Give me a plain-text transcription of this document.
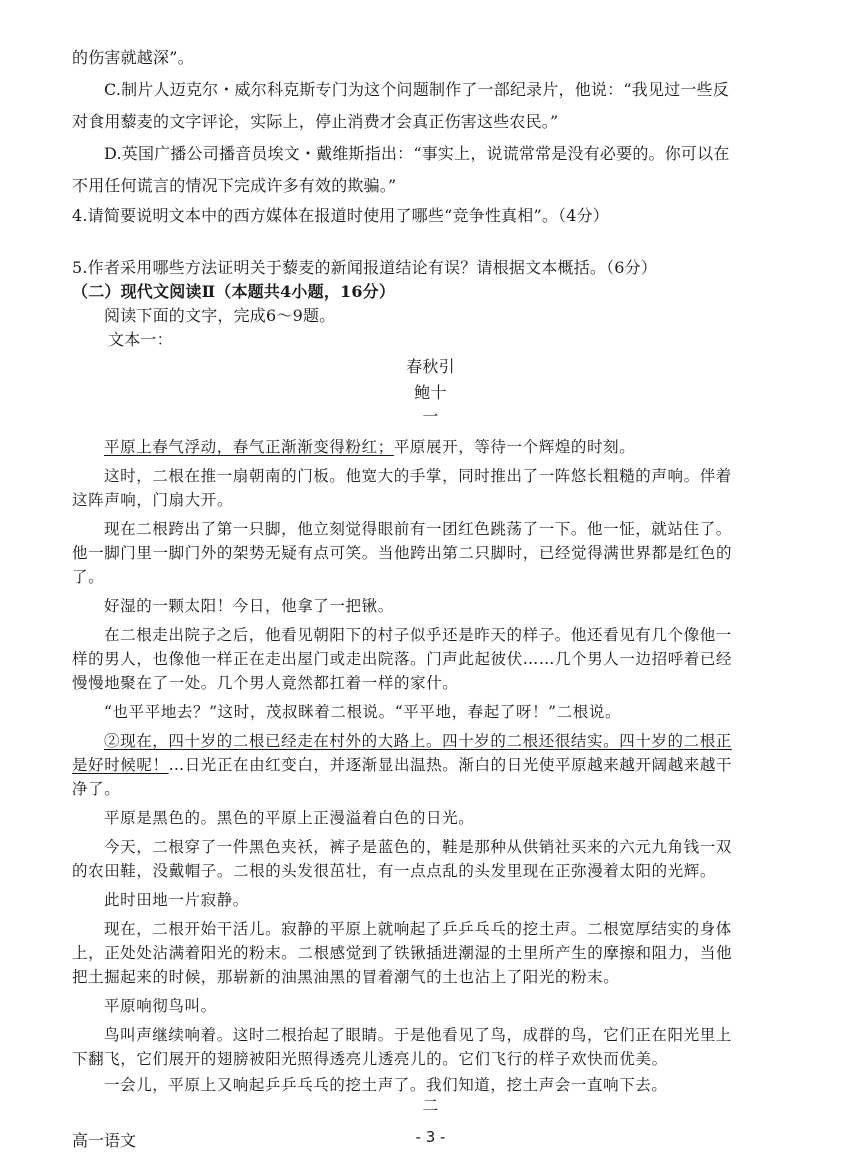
的伤害就越深”。
C.制片人迈克尔・威尔科克斯专门为这个问题制作了一部纪录片，他说：“我见过一些反
对食用藜麦的文字评论，实际上，停止消费才会真正伤害这些农民。”
D.英国广播公司播音员埃文・戴维斯指出：“事实上，说谎常常是没有必要的。你可以在
不用任何谎言的情况下完成许多有效的欺骗。”
4.请简要说明文本中的西方媒体在报道时使用了哪些“竞争性真相”。（4分）
5.作者采用哪些方法证明关于藜麦的新闻报道结论有误？请根据文本概括。（6分）
（二）现代文阅读Ⅱ（本题共4小题，16分）
阅读下面的文字，完成6～9题。
文本一：
春秋引
鲍十
一
平原上春气浮动，春气正渐渐变得粉红；平原展开，等待一个辉煌的时刻。
这时，二根在推一扇朝南的门板。他宽大的手掌，同时推出了一阵悠长粗糙的声响。伴着
这阵声响，门扇大开。
现在二根跨出了第一只脚，他立刻觉得眼前有一团红色跳荡了一下。他一怔，就站住了。
他一脚门里一脚门外的架势无疑有点可笑。当他跨出第二只脚时，已经觉得满世界都是红色的
了。
好湿的一颗太阳！今日，他拿了一把锹。
在二根走出院子之后，他看见朝阳下的村子似乎还是昨天的样子。他还看见有几个像他一
样的男人，也像他一样正在走出屋门或走出院落。门声此起彼伏……几个男人一边招呼着已经
慢慢地聚在了一处。几个男人竟然都扛着一样的家什。
“也平平地去？”这时，茂叔眯着二根说。“平平地，春起了呀！”二根说。
②现在，四十岁的二根已经走在村外的大路上。四十岁的二根还很结实。四十岁的二根正
是好时候呢！…日光正在由红变白，并逐渐显出温热。渐白的日光使平原越来越开阔越来越干
净了。
平原是黑色的。黑色的平原上正漫溢着白色的日光。
今天，二根穿了一件黑色夹袄，裤子是蓝色的，鞋是那种从供销社买来的六元九角钱一双
的农田鞋，没戴帽子。二根的头发很茁壮，有一点点乱的头发里现在正弥漫着太阳的光辉。
此时田地一片寂静。
现在，二根开始干活儿。寂静的平原上就响起了乒乒乓乓的挖土声。二根宽厚结实的身体
上，正处处沾满着阳光的粉末。二根感觉到了铁锹插进潮湿的土里所产生的摩擦和阻力，当他
把土掘起来的时候，那崭新的油黑油黑的冒着潮气的土也沾上了阳光的粉末。
平原响彻鸟叫。
鸟叫声继续响着。这时二根抬起了眼睛。于是他看见了鸟，成群的鸟，它们正在阳光里上
下翻飞，它们展开的翅膀被阳光照得透亮儿透亮儿的。它们飞行的样子欢快而优美。
一会儿，平原上又响起乒乒乓乓的挖土声了。我们知道，挖土声会一直响下去。
二
高一语文	- 3 -
